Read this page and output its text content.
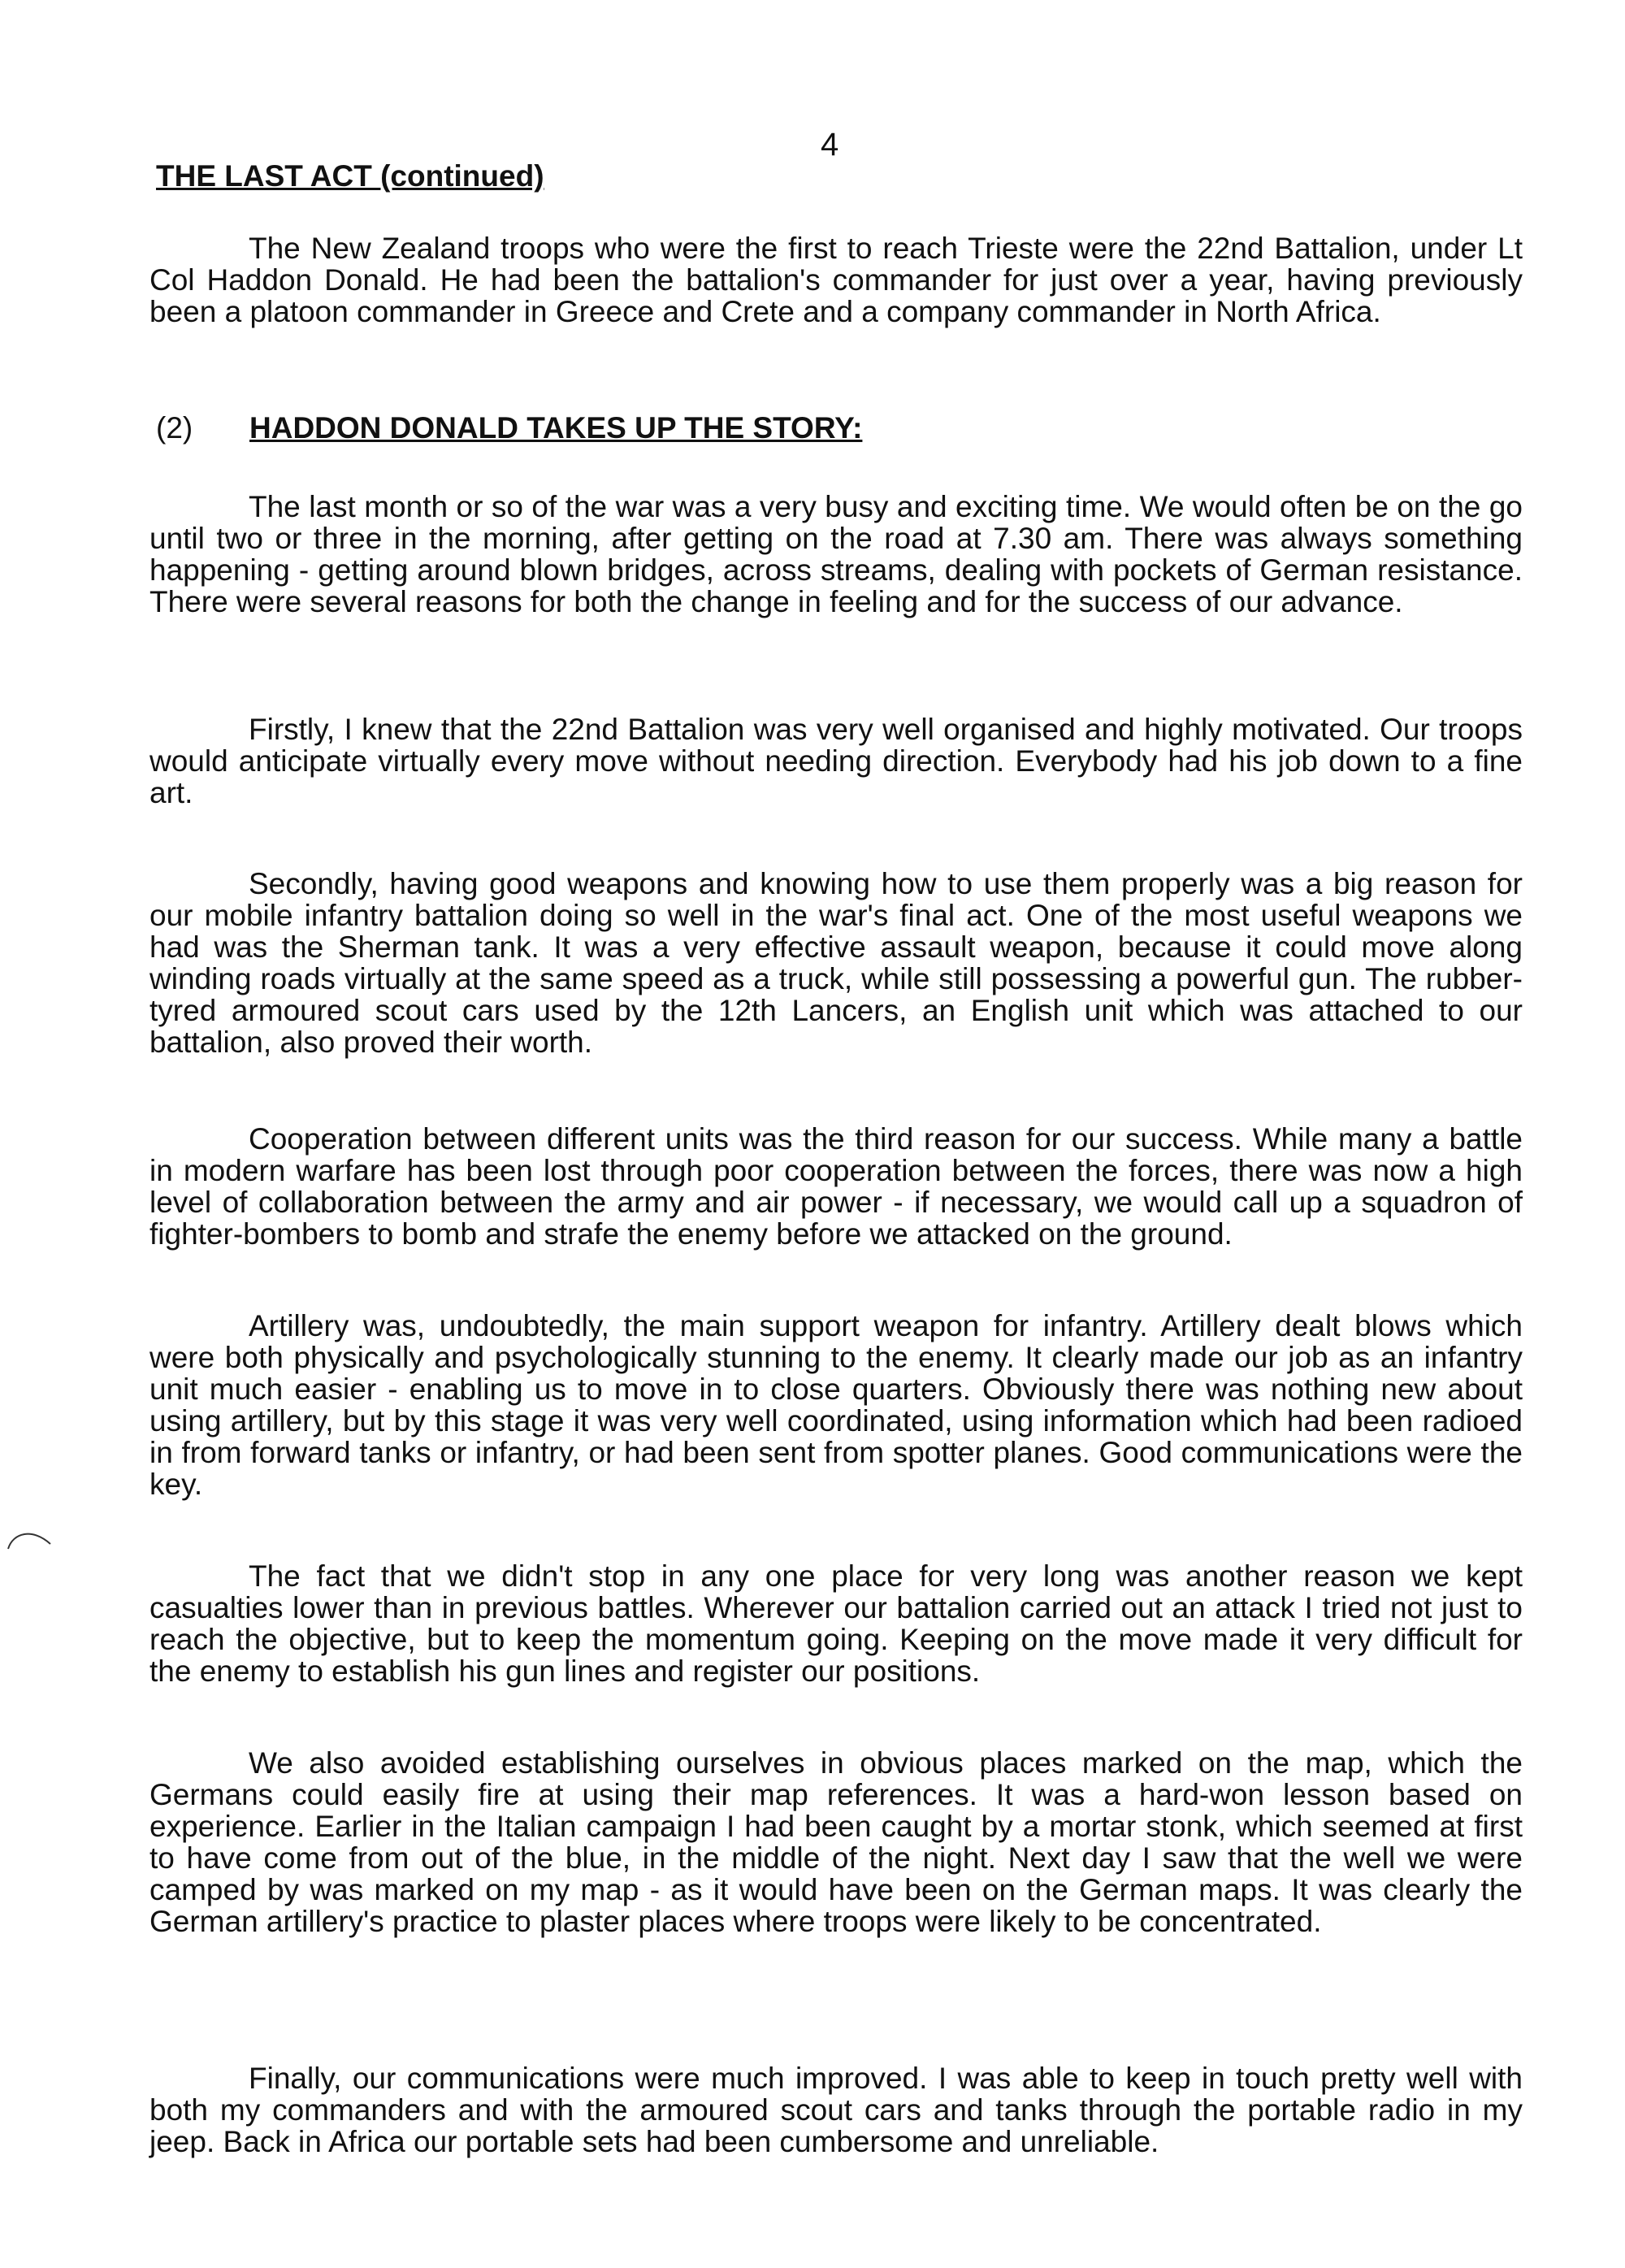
4
THE LAST ACT (continued)

The New Zealand troops who were the first to reach Trieste were the 22nd Battalion, under Lt Col Haddon Donald. He had been the battalion's commander for just over a year, having previously been a platoon commander in Greece and Crete and a company commander in North Africa.

(2) HADDON DONALD TAKES UP THE STORY:

The last month or so of the war was a very busy and exciting time. We would often be on the go until two or three in the morning, after getting on the road at 7.30 am. There was always something happening - getting around blown bridges, across streams, dealing with pockets of German resistance. There were several reasons for both the change in feeling and for the success of our advance.

Firstly, I knew that the 22nd Battalion was very well organised and highly motivated. Our troops would anticipate virtually every move without needing direction. Everybody had his job down to a fine art.

Secondly, having good weapons and knowing how to use them properly was a big reason for our mobile infantry battalion doing so well in the war's final act. One of the most useful weapons we had was the Sherman tank. It was a very effective assault weapon, because it could move along winding roads virtually at the same speed as a truck, while still possessing a powerful gun. The rubber-tyred armoured scout cars used by the 12th Lancers, an English unit which was attached to our battalion, also proved their worth.

Cooperation between different units was the third reason for our success. While many a battle in modern warfare has been lost through poor cooperation between the forces, there was now a high level of collaboration between the army and air power - if necessary, we would call up a squadron of fighter-bombers to bomb and strafe the enemy before we attacked on the ground.

Artillery was, undoubtedly, the main support weapon for infantry. Artillery dealt blows which were both physically and psychologically stunning to the enemy. It clearly made our job as an infantry unit much easier - enabling us to move in to close quarters. Obviously there was nothing new about using artillery, but by this stage it was very well coordinated, using information which had been radioed in from forward tanks or infantry, or had been sent from spotter planes. Good communications were the key.

The fact that we didn't stop in any one place for very long was another reason we kept casualties lower than in previous battles. Wherever our battalion carried out an attack I tried not just to reach the objective, but to keep the momentum going. Keeping on the move made it very difficult for the enemy to establish his gun lines and register our positions.

We also avoided establishing ourselves in obvious places marked on the map, which the Germans could easily fire at using their map references. It was a hard-won lesson based on experience. Earlier in the Italian campaign I had been caught by a mortar stonk, which seemed at first to have come from out of the blue, in the middle of the night. Next day I saw that the well we were camped by was marked on my map - as it would have been on the German maps. It was clearly the German artillery's practice to plaster places where troops were likely to be concentrated.

Finally, our communications were much improved. I was able to keep in touch pretty well with both my commanders and with the armoured scout cars and tanks through the portable radio in my jeep. Back in Africa our portable sets had been cumbersome and unreliable.
